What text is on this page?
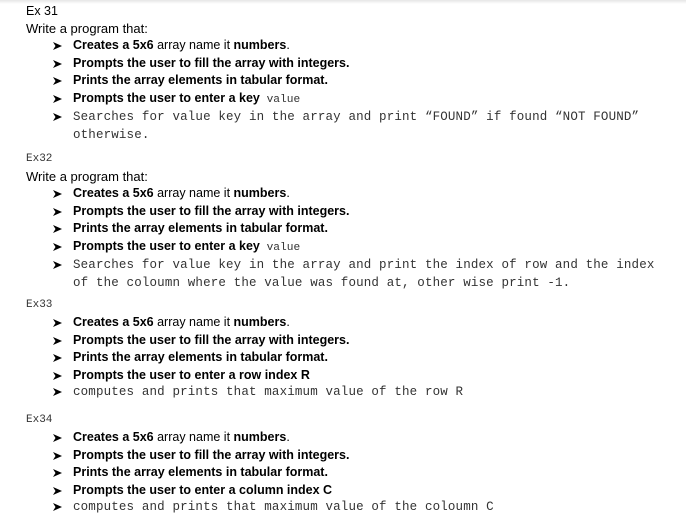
Ex 31
Write a program that:
Creates a 5x6 array name it numbers.
Prompts the user to fill the array with integers.
Prints the array elements in tabular format.
Prompts the user to enter a key value
Searches for value key in the array and print “FOUND” if found “NOT FOUND” otherwise.
Ex32
Write a program that:
Creates a 5x6 array name it numbers.
Prompts the user to fill the array with integers.
Prints the array elements in tabular format.
Prompts the user to enter a key value
Searches for value key in the array and print the index of row and the index of the coloumn where the value was found at, other wise print -1.
Ex33
Creates a 5x6 array name it numbers.
Prompts the user to fill the array with integers.
Prints the array elements in tabular format.
Prompts the user to enter a row index R
computes and prints that maximum value of the row R
Ex34
Creates a 5x6 array name it numbers.
Prompts the user to fill the array with integers.
Prints the array elements in tabular format.
Prompts the user to enter a column index C
computes and prints that maximum value of the coloumn C
